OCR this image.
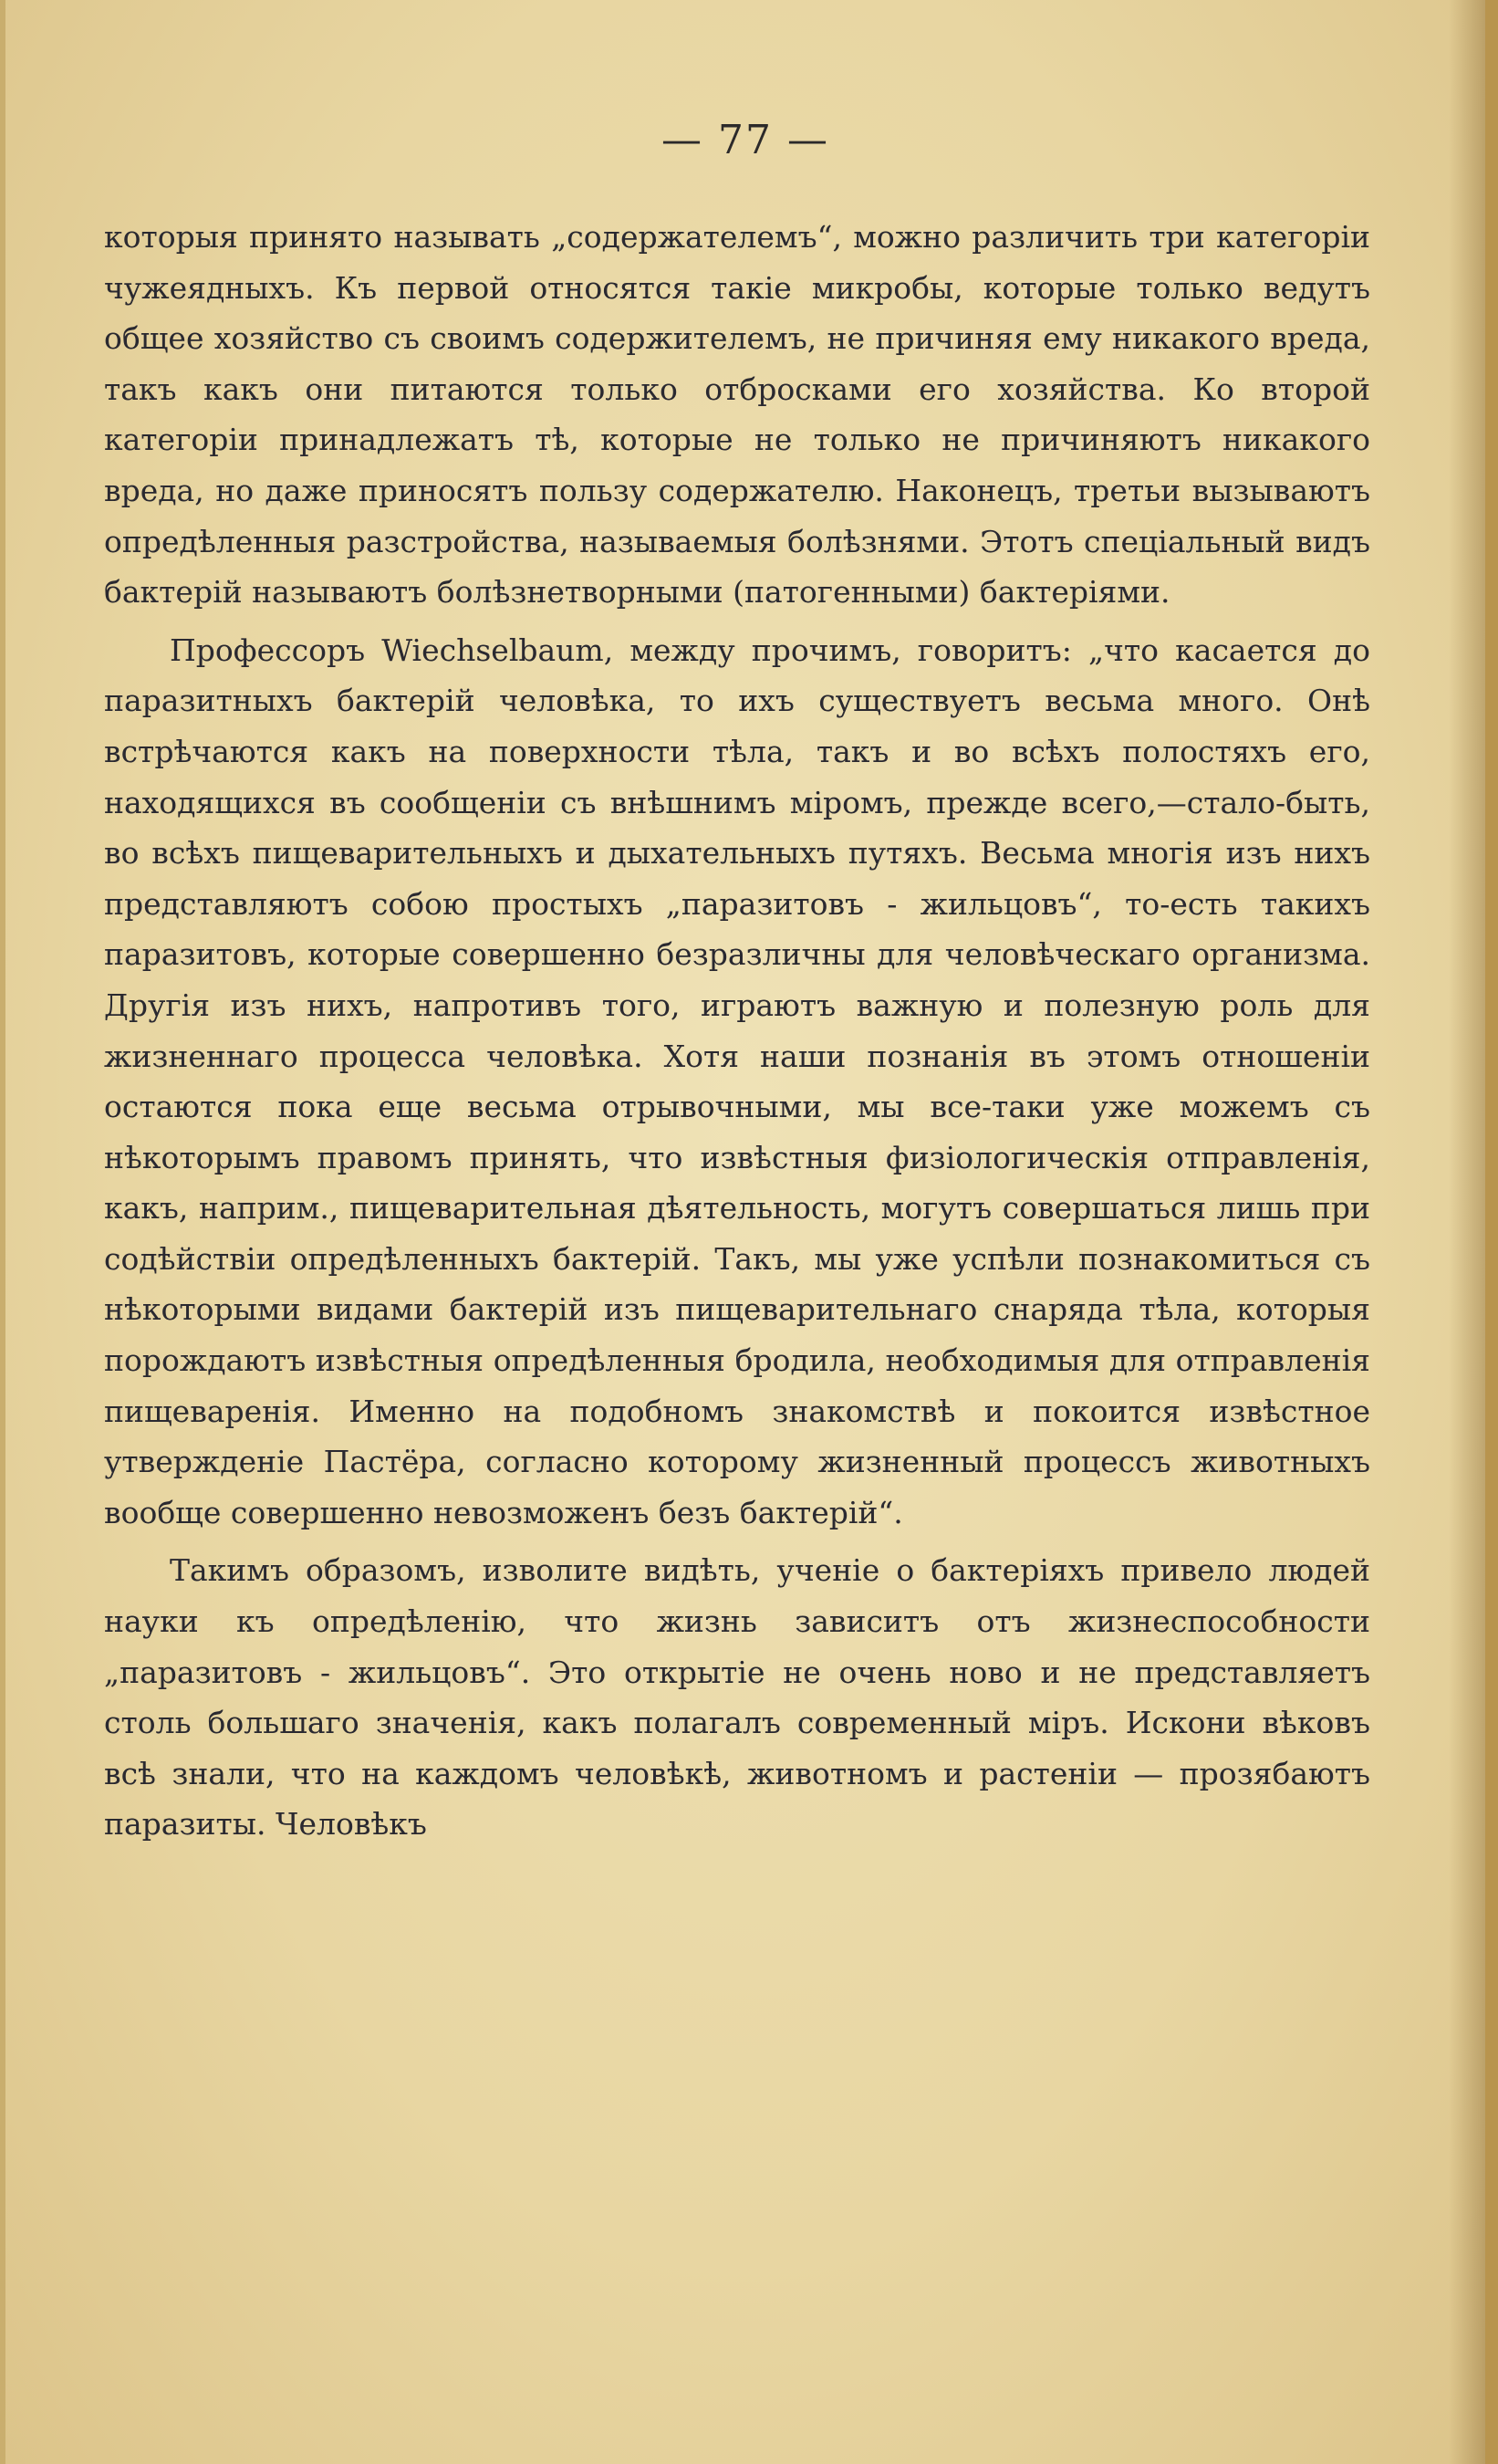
— 77 —

которыя принято называть „содержателемъ“, можно различить три категоріи чужеядныхъ. Къ первой относятся такіе микробы, которые только ведутъ общее хозяйство съ своимъ содержителемъ, не причиняя ему никакого вреда, такъ какъ они питаются только отбросками его хозяйства. Ко второй категоріи принадлежатъ тѣ, которые не только не причиняютъ никакого вреда, но даже приносятъ пользу содержателю. Наконецъ, третьи вызываютъ опредѣленныя разстройства, называемыя болѣзнями. Этотъ спеціальный видъ бактерій называютъ болѣзнетворными (патогенными) бактеріями.

Профессоръ Wiechselbaum, между прочимъ, говоритъ: „что касается до паразитныхъ бактерій человѣка, то ихъ существуетъ весьма много. Онѣ встрѣчаются какъ на поверхности тѣла, такъ и во всѣхъ полостяхъ его, находящихся въ сообщеніи съ внѣшнимъ міромъ, прежде всего,—стало-быть, во всѣхъ пищеварительныхъ и дыхательныхъ путяхъ. Весьма многія изъ нихъ представляютъ собою простыхъ „паразитовъ - жильцовъ“, то-есть такихъ паразитовъ, которые совершенно безразличны для человѣческаго организма. Другія изъ нихъ, напротивъ того, играютъ важную и полезную роль для жизненнаго процесса человѣка. Хотя наши познанія въ этомъ отношеніи остаются пока еще весьма отрывочными, мы все-таки уже можемъ съ нѣкоторымъ правомъ принять, что извѣстныя физіологическія отправленія, какъ, наприм., пищеварительная дѣятельность, могутъ совершаться лишь при содѣйствіи опредѣленныхъ бактерій. Такъ, мы уже успѣли познакомиться съ нѣкоторыми видами бактерій изъ пищеварительнаго снаряда тѣла, которыя порождаютъ извѣстныя опредѣленныя бродила, необходимыя для отправленія пищеваренія. Именно на подобномъ знакомствѣ и покоится извѣстное утвержденіе Пастёра, согласно которому жизненный процессъ животныхъ вообще совершенно невозможенъ безъ бактерій“.

Такимъ образомъ, изволите видѣть, ученіе о бактеріяхъ привело людей науки къ опредѣленію, что жизнь зависитъ отъ жизнеспособности „паразитовъ - жильцовъ“. Это открытіе не очень ново и не представляетъ столь большаго значенія, какъ полагалъ современный міръ. Искони вѣковъ всѣ знали, что на каждомъ человѣкѣ, животномъ и растеніи — прозябаютъ паразиты. Человѣкъ
